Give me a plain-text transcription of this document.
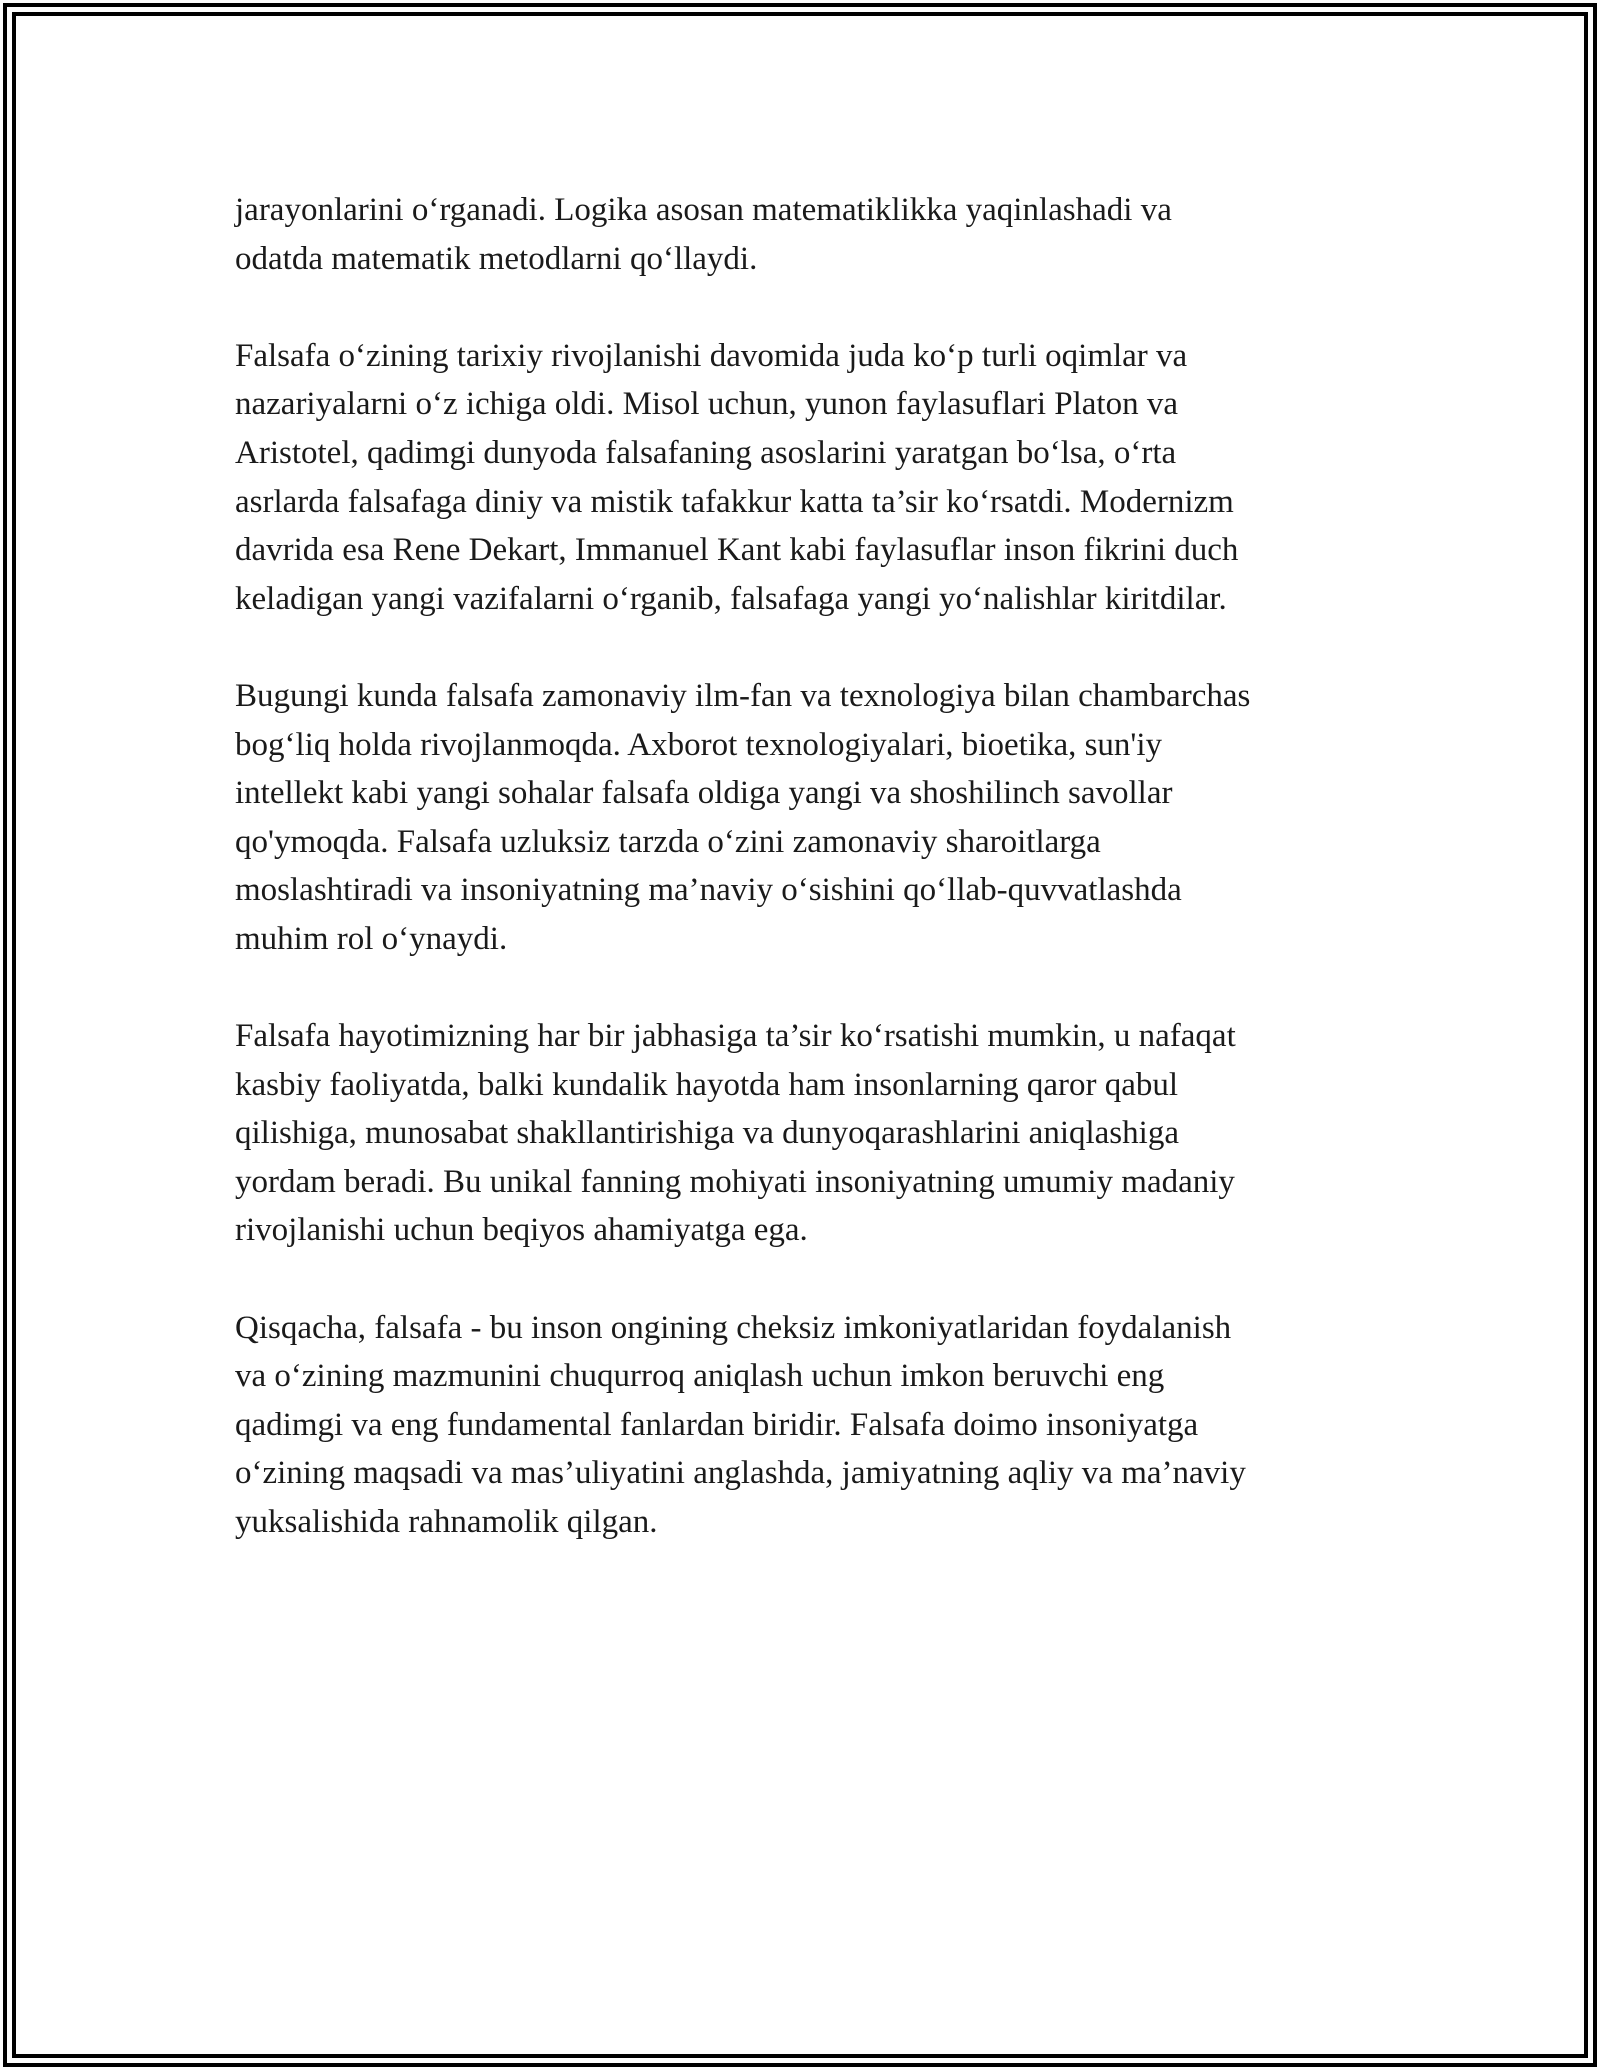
jarayonlarini o‘rganadi. Logika asosan matematiklikka yaqinlashadi va
odatda matematik metodlarni qo‘llaydi.

Falsafa o‘zining tarixiy rivojlanishi davomida juda ko‘p turli oqimlar va
nazariyalarni o‘z ichiga oldi. Misol uchun, yunon faylasuflari Platon va
Aristotel, qadimgi dunyoda falsafaning asoslarini yaratgan bo‘lsa, o‘rta
asrlarda falsafaga diniy va mistik tafakkur katta ta’sir ko‘rsatdi. Modernizm
davrida esa Rene Dekart, Immanuel Kant kabi faylasuflar inson fikrini duch
keladigan yangi vazifalarni o‘rganib, falsafaga yangi yo‘nalishlar kiritdilar.

Bugungi kunda falsafa zamonaviy ilm-fan va texnologiya bilan chambarchas
bog‘liq holda rivojlanmoqda. Axborot texnologiyalari, bioetika, sun'iy
intellekt kabi yangi sohalar falsafa oldiga yangi va shoshilinch savollar
qo'ymoqda. Falsafa uzluksiz tarzda o‘zini zamonaviy sharoitlarga
moslashtiradi va insoniyatning ma’naviy o‘sishini qo‘llab-quvvatlashda
muhim rol o‘ynaydi.

Falsafa hayotimizning har bir jabhasiga ta’sir ko‘rsatishi mumkin, u nafaqat
kasbiy faoliyatda, balki kundalik hayotda ham insonlarning qaror qabul
qilishiga, munosabat shakllantirishiga va dunyoqarashlarini aniqlashiga
yordam beradi. Bu unikal fanning mohiyati insoniyatning umumiy madaniy
rivojlanishi uchun beqiyos ahamiyatga ega.

Qisqacha, falsafa - bu inson ongining cheksiz imkoniyatlaridan foydalanish
va o‘zining mazmunini chuqurroq aniqlash uchun imkon beruvchi eng
qadimgi va eng fundamental fanlardan biridir. Falsafa doimo insoniyatga
o‘zining maqsadi va mas’uliyatini anglashda, jamiyatning aqliy va ma’naviy
yuksalishida rahnamolik qilgan.
